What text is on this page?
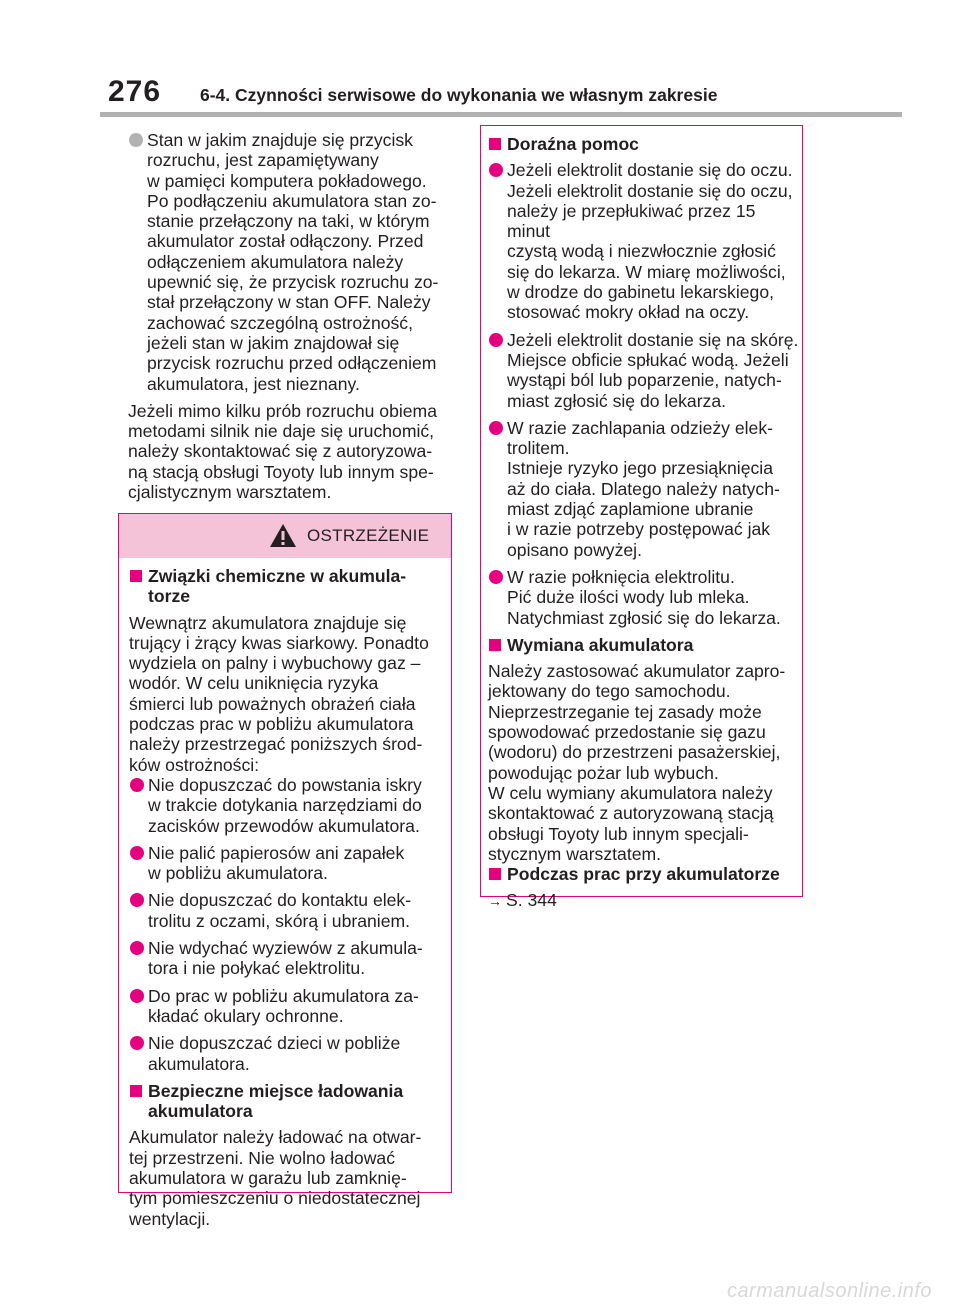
276 6-4. Czynności serwisowe do wykonania we własnym zakresie
Stan w jakim znajduje się przycisk
rozruchu, jest zapamiętywany
w pamięci komputera pokładowego.
Po podłączeniu akumulatora stan zo-
stanie przełączony na taki, w którym
akumulator został odłączony. Przed
odłączeniem akumulatora należy
upewnić się, że przycisk rozruchu zo-
stał przełączony w stan OFF. Należy
zachować szczególną ostrożność,
jeżeli stan w jakim znajdował się
przycisk rozruchu przed odłączeniem
akumulatora, jest nieznany.

Jeżeli mimo kilku prób rozruchu obiema
metodami silnik nie daje się uruchomić,
należy skontaktować się z autoryzowa-
ną stacją obsługi Toyoty lub innym spe-
cjalistycznym warsztatem.

OSTRZEŻENIE
Związki chemiczne w akumula-
torze

Wewnątrz akumulatora znajduje się
trujący i żrący kwas siarkowy. Ponadto
wydziela on palny i wybuchowy gaz –
wodór. W celu uniknięcia ryzyka
śmierci lub poważnych obrażeń ciała
podczas prac w pobliżu akumulatora
należy przestrzegać poniższych środ-
ków ostrożności:

Nie dopuszczać do powstania iskry
w trakcie dotykania narzędziami do
zacisków przewodów akumulatora.
Nie palić papierosów ani zapałek
w pobliżu akumulatora.
Nie dopuszczać do kontaktu elek-
trolitu z oczami, skórą i ubraniem.
Nie wdychać wyziewów z akumula-
tora i nie połykać elektrolitu.
Do prac w pobliżu akumulatora za-
kładać okulary ochronne.
Nie dopuszczać dzieci w pobliże
akumulatora.
Bezpieczne miejsce ładowania
akumulatora

Akumulator należy ładować na otwar-
tej przestrzeni. Nie wolno ładować
akumulatora w garażu lub zamknię-
tym pomieszczeniu o niedostatecznej
wentylacji.

Doraźna pomoc
Jeżeli elektrolit dostanie się do oczu.
Jeżeli elektrolit dostanie się do oczu,
należy je przepłukiwać przez 15 minut
czystą wodą i niezwłocznie zgłosić
się do lekarza. W miarę możliwości,
w drodze do gabinetu lekarskiego,
stosować mokry okład na oczy.
Jeżeli elektrolit dostanie się na skórę.
Miejsce obficie spłukać wodą. Jeżeli
wystąpi ból lub poparzenie, natych-
miast zgłosić się do lekarza.
W razie zachlapania odzieży elek-
trolitem.
Istnieje ryzyko jego przesiąknięcia
aż do ciała. Dlatego należy natych-
miast zdjąć zaplamione ubranie
i w razie potrzeby postępować jak
opisano powyżej.
W razie połknięcia elektrolitu.
Pić duże ilości wody lub mleka.
Natychmiast zgłosić się do lekarza.
Wymiana akumulatora

Należy zastosować akumulator zapro-
jektowany do tego samochodu.
Nieprzestrzeganie tej zasady może
spowodować przedostanie się gazu
(wodoru) do przestrzeni pasażerskiej,
powodując pożar lub wybuch.

W celu wymiany akumulatora należy
skontaktować z autoryzowaną stacją
obsługi Toyoty lub innym specjali-
stycznym warsztatem.

Podczas prac przy akumulatorze

→ S. 344

carmanualsonline.info
